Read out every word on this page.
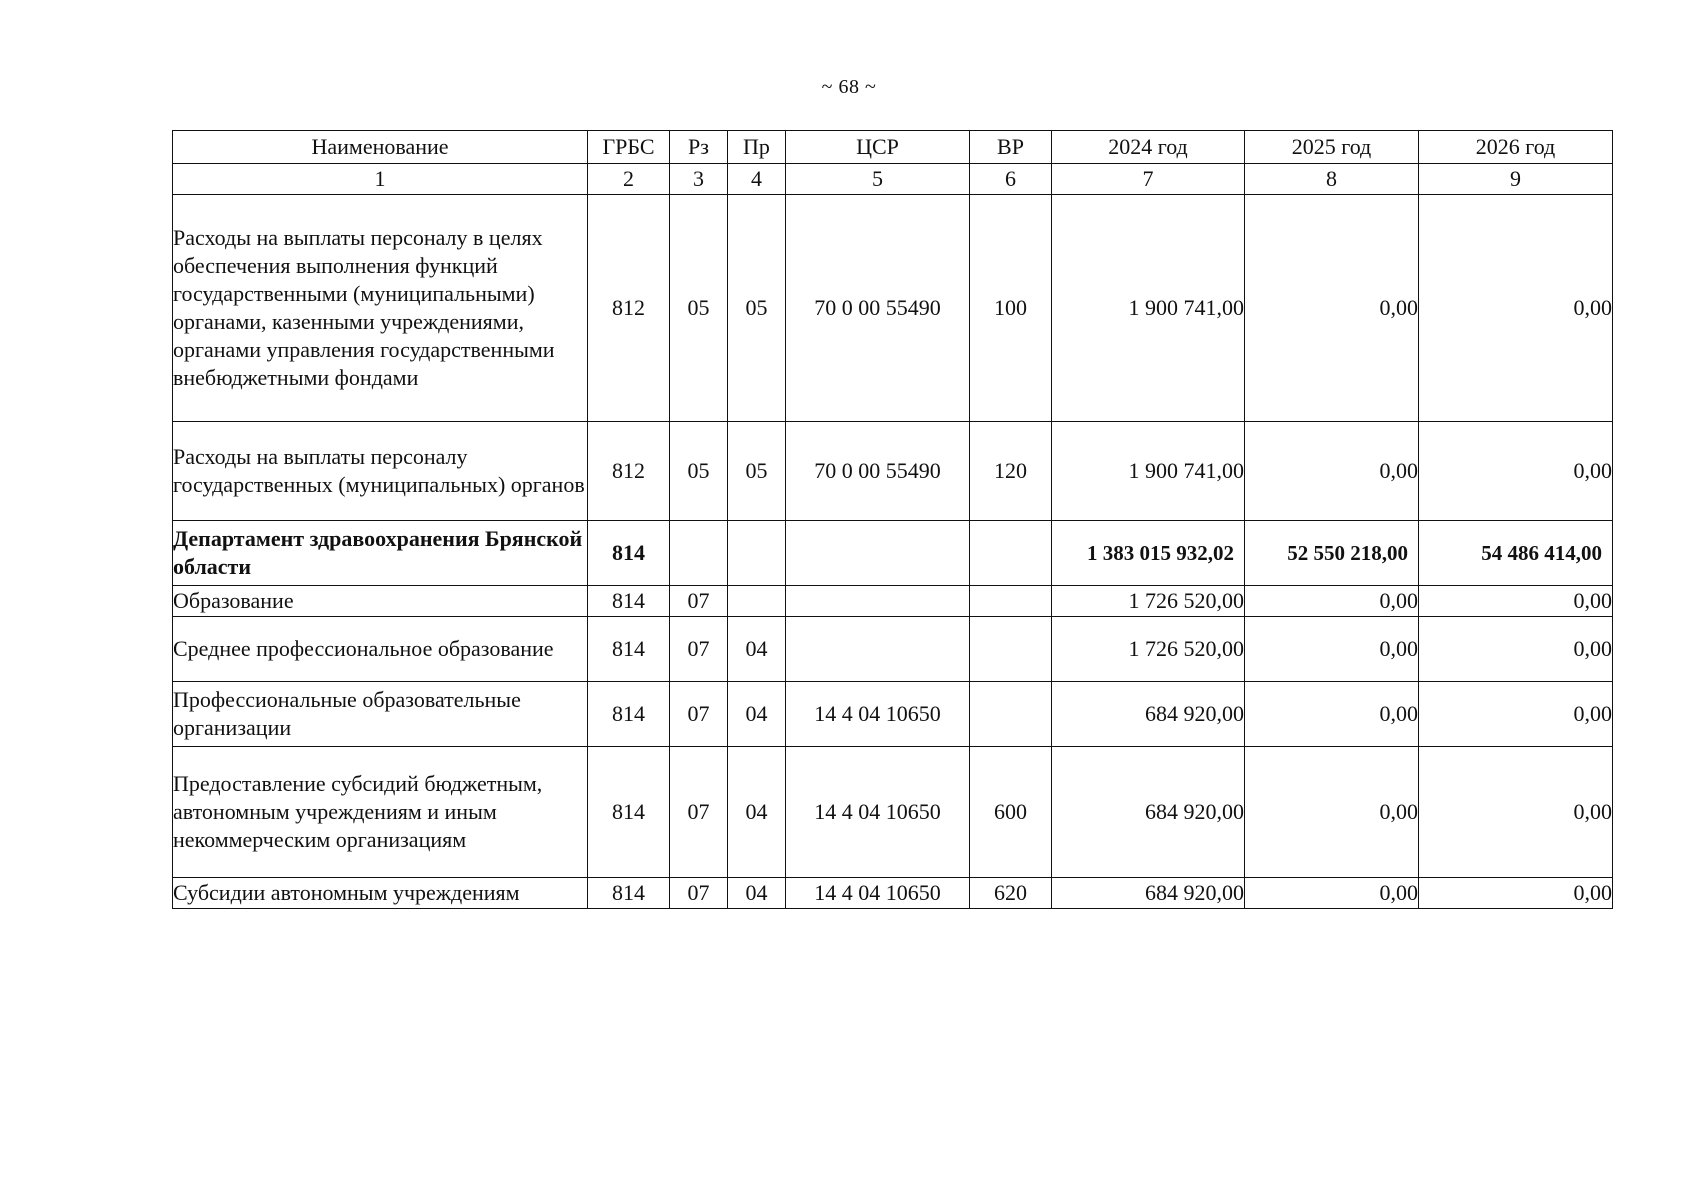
~ 68 ~
Наименование	ГРБС	Рз	Пр	ЦСР	ВР	2024 год	2025 год	2026 год
1	2	3	4	5	6	7	8	9
Расходы на выплаты персоналу в целях обеспечения выполнения функций государственными (муниципальными) органами, казенными учреждениями, органами управления государственными внебюджетными фондами	812	05	05	70 0 00 55490	100	1 900 741,00	0,00	0,00
Расходы на выплаты персоналу государственных (муниципальных) органов	812	05	05	70 0 00 55490	120	1 900 741,00	0,00	0,00
Департамент здравоохранения Брянской области	814					1 383 015 932,02	52 550 218,00	54 486 414,00
Образование	814	07				1 726 520,00	0,00	0,00
Среднее профессиональное образование	814	07	04			1 726 520,00	0,00	0,00
Профессиональные образовательные организации	814	07	04	14 4 04 10650		684 920,00	0,00	0,00
Предоставление субсидий бюджетным, автономным учреждениям и иным некоммерческим организациям	814	07	04	14 4 04 10650	600	684 920,00	0,00	0,00
Субсидии автономным учреждениям	814	07	04	14 4 04 10650	620	684 920,00	0,00	0,00
